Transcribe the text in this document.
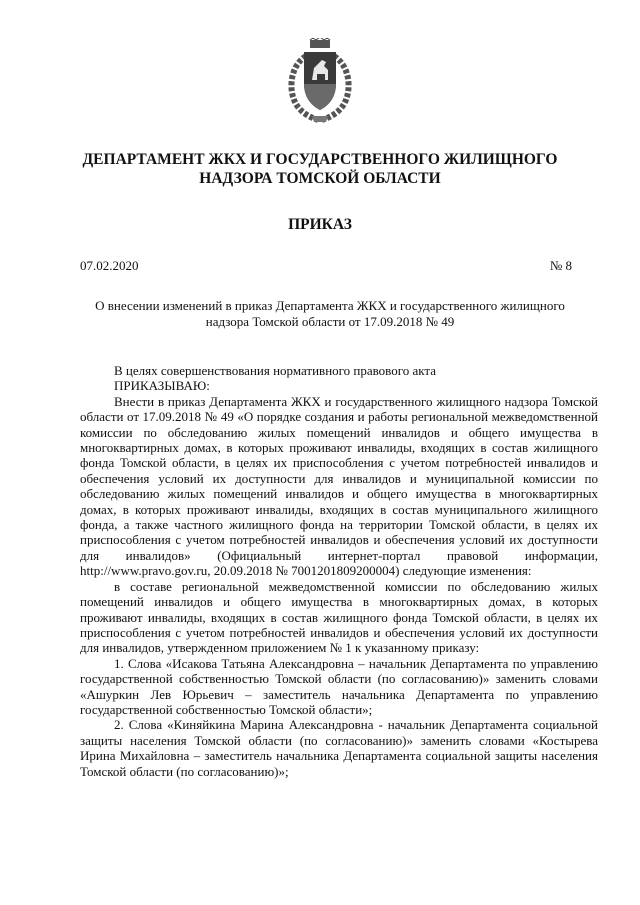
ДЕПАРТАМЕНТ ЖКХ И ГОСУДАРСТВЕННОГО ЖИЛИЩНОГО
НАДЗОРА ТОМСКОЙ ОБЛАСТИ
ПРИКАЗ
07.02.2020	№ 8

О внесении изменений в приказ Департамента ЖКХ и государственного жилищного
надзора Томской области от 17.09.2018 № 49

В целях совершенствования нормативного правового акта

ПРИКАЗЫВАЮ:

Внести в приказ Департамента ЖКХ и государственного жилищного надзора Томской области от 17.09.2018 № 49 «О порядке создания и работы региональной межведомственной комиссии по обследованию жилых помещений инвалидов и общего имущества в многоквартирных домах, в которых проживают инвалиды, входящих в состав жилищного фонда Томской области, в целях их приспособления с учетом потребностей инвалидов и обеспечения условий их доступности для инвалидов и муниципальной комиссии по обследованию жилых помещений инвалидов и общего имущества в многоквартирных домах, в которых проживают инвалиды, входящих в состав муниципального жилищного фонда, а также частного жилищного фонда на территории Томской области, в целях их приспособления с учетом потребностей инвалидов и обеспечения условий их доступности для инвалидов» (Официальный интернет-портал правовой информации, http://www.pravo.gov.ru, 20.09.2018 № 7001201809200004) следующие изменения:

в составе региональной межведомственной комиссии по обследованию жилых помещений инвалидов и общего имущества в многоквартирных домах, в которых проживают инвалиды, входящих в состав жилищного фонда Томской области, в целях их приспособления с учетом потребностей инвалидов и обеспечения условий их доступности для инвалидов, утвержденном приложением № 1 к указанному приказу:

1. Слова «Исакова Татьяна Александровна – начальник Департамента по управлению государственной собственностью Томской области (по согласованию)» заменить словами «Ашуркин Лев Юрьевич – заместитель начальника Департамента по управлению государственной собственностью Томской области»;

2. Слова «Киняйкина Марина Александровна - начальник Департамента социальной защиты населения Томской области (по согласованию)» заменить словами «Костырева Ирина Михайловна – заместитель начальника Департамента социальной защиты населения Томской области (по согласованию)»;
